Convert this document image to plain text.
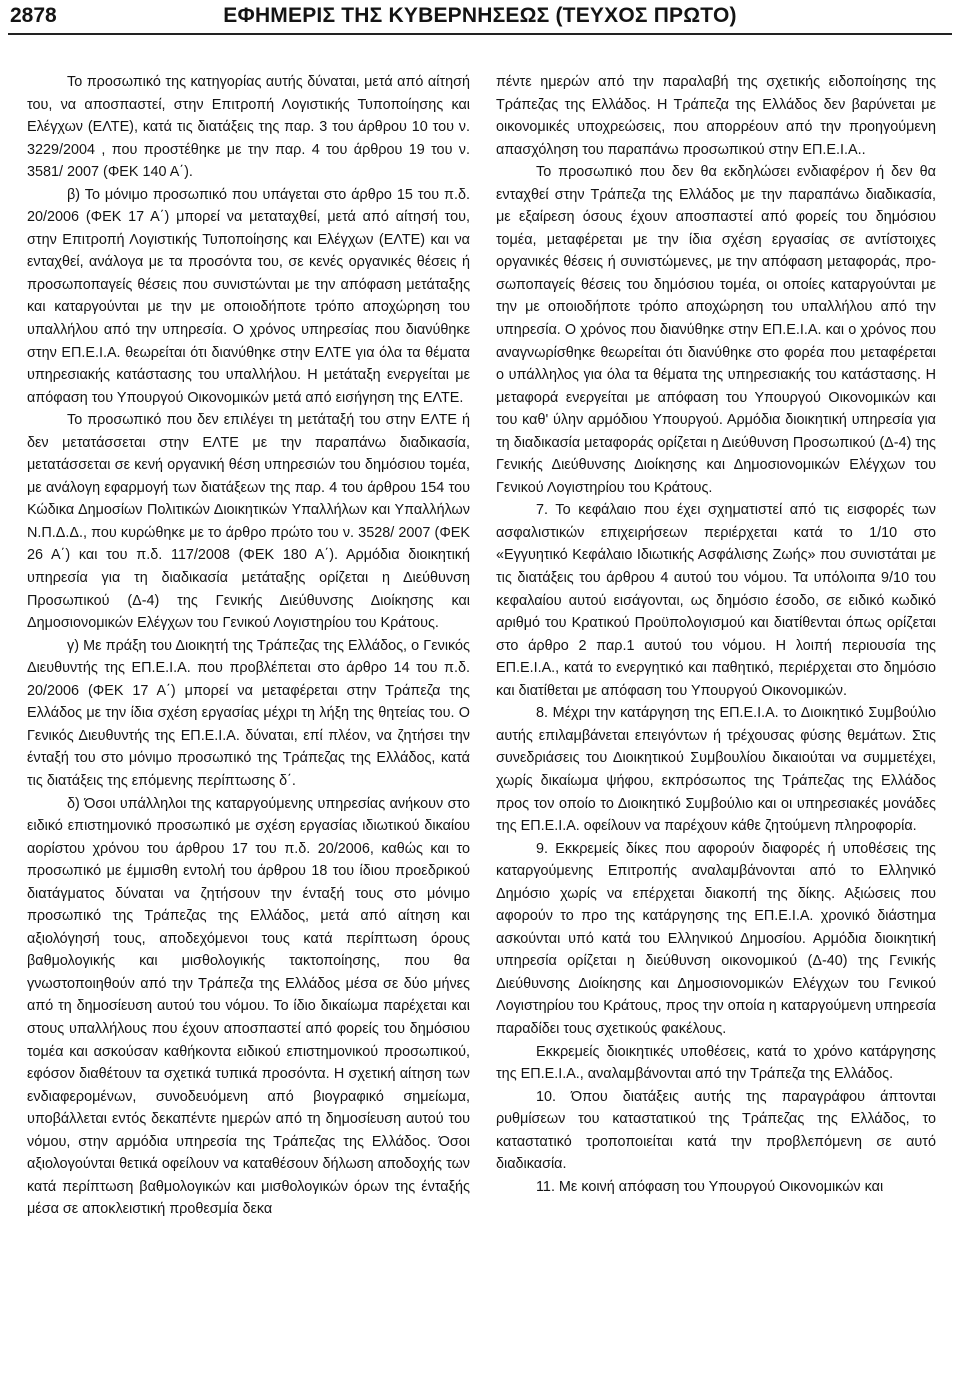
2878	ΕΦΗΜΕΡΙΣ ΤΗΣ ΚΥΒΕΡΝΗΣΕΩΣ (ΤΕΥΧΟΣ ΠΡΩΤΟ)

Το προσωπικό της κατηγορίας αυτής δύναται, μετά από αίτησή του, να αποσπαστεί, στην Επιτροπή Λογιστικής Τυποποίησης και Ελέγχων (ΕΛΤΕ), κατά τις διατάξεις της παρ. 3 του άρθρου 10 του ν. 3229/2004 , που προστέθηκε με την παρ. 4 του άρθρου 19 του ν. 3581/ 2007 (ΦΕΚ 140 Α΄).

β) Το μόνιμο προσωπικό που υπάγεται στο άρθρο 15 του π.δ. 20/2006 (ΦΕΚ 17 Α΄) μπορεί να μεταταχθεί, μετά από αίτησή του, στην Επιτροπή Λογιστικής Τυποποίησης και Ελέγχων (ΕΛΤΕ) και να ενταχθεί, ανάλογα με τα προσόντα του, σε κενές οργανικές θέσεις ή προσωποπαγείς θέσεις που συνιστώνται με την απόφαση μετάταξης και καταργούνται με την με οποιοδήποτε τρόπο αποχώρηση του υπαλλήλου από την υπηρεσία. Ο χρόνος υπηρεσίας που διανύθηκε στην ΕΠ.Ε.Ι.Α. θεωρείται ότι διανύθηκε στην ΕΛΤΕ για όλα τα θέματα υπηρεσιακής κατάστασης του υπαλλήλου. Η μετάταξη ενεργείται με απόφαση του Υπουργού Οικονομικών μετά από εισήγηση της ΕΛΤΕ.

Το προσωπικό που δεν επιλέγει τη μετάταξή του στην ΕΛΤΕ ή δεν μετατάσσεται στην ΕΛΤΕ με την παραπάνω διαδικασία, μετατάσσεται σε κενή οργανική θέση υπηρεσιών του δημόσιου τομέα, με ανάλογη εφαρμογή των διατάξεων της παρ. 4 του άρθρου 154 του Κώδικα Δημοσίων Πολιτικών Διοικητικών Υπαλλήλων και Υπαλλήλων Ν.Π.Δ.Δ., που κυρώθηκε με το άρθρο πρώτο του ν. 3528/ 2007 (ΦΕΚ 26 Α΄) και του π.δ. 117/2008 (ΦΕΚ 180 Α΄). Αρμόδια διοικητική υπηρεσία για τη διαδικασία μετάταξης ορίζεται η Διεύθυνση Προσωπικού (Δ-4) της Γενικής Διεύθυνσης Διοίκησης και Δημοσιονομικών Ελέγχων του Γενικού Λογιστηρίου του Κράτους.

γ) Με πράξη του Διοικητή της Τράπεζας της Ελλάδος, ο Γενικός Διευθυντής της ΕΠ.Ε.Ι.Α. που προβλέπεται στο άρθρο 14 του π.δ. 20/2006 (ΦΕΚ 17 Α΄) μπορεί να μεταφέρεται στην Τράπεζα της Ελλάδος με την ίδια σχέση εργασίας μέχρι τη λήξη της θητείας του. Ο Γενικός Διευθυντής της ΕΠ.Ε.Ι.Α. δύναται, επί πλέον, να ζητήσει την ένταξή του στο μόνιμο προσωπικό της Τράπεζας της Ελλάδος, κατά τις διατάξεις της επόμενης περίπτωσης δ΄.

δ) Όσοι υπάλληλοι της καταργούμενης υπηρεσίας ανήκουν στο ειδικό επιστημονικό προσωπικό με σχέση εργασίας ιδιωτικού δικαίου αορίστου χρόνου του άρθρου 17 του π.δ. 20/2006, καθώς και το προσωπικό με έμμισθη εντολή του άρθρου 18 του ίδιου προεδρικού διατάγματος δύναται να ζητήσουν την ένταξή τους στο μόνιμο προσωπικό της Τράπεζας της Ελλάδος, μετά από αίτηση και αξιολόγησή τους, αποδεχόμενοι τους κατά περίπτωση όρους βαθμολογικής και μισθολογικής τακτοποίησης, που θα γνωστοποιηθούν από την Τράπεζα της Ελλάδος μέσα σε δύο μήνες από τη δημοσίευση αυτού του νόμου. Το ίδιο δικαίωμα παρέχεται και στους υπαλλήλους που έχουν αποσπαστεί από φορείς του δημόσιου τομέα και ασκούσαν καθήκοντα ειδικού επιστημονικού προσωπικού, εφόσον διαθέτουν τα σχετικά τυπικά προσόντα. Η σχετική αίτηση των ενδιαφερομένων, συνοδευόμενη από βιογραφικό σημείωμα, υποβάλλεται εντός δεκαπέντε ημερών από τη δημοσίευση αυτού του νόμου, στην αρμόδια υπηρεσία της Τράπεζας της Ελλάδος. Όσοι αξιολογούνται θετικά οφείλουν να καταθέσουν δήλωση αποδοχής των κατά περίπτωση βαθμολογικών και μισθολογικών όρων της ένταξής μέσα σε αποκλειστική προθεσμία δεκα

πέντε ημερών από την παραλαβή της σχετικής ειδοποίησης της Τράπεζας της Ελλάδος. Η Τράπεζα της Ελλάδος δεν βαρύνεται με οικονομικές υποχρεώσεις, που απορρέουν από την προηγούμενη απασχόληση του παραπάνω προσωπικού στην ΕΠ.Ε.Ι.Α..

Το προσωπικό που δεν θα εκδηλώσει ενδιαφέρον ή δεν θα ενταχθεί στην Τράπεζα της Ελλάδος με την παραπάνω διαδικασία, με εξαίρεση όσους έχουν αποσπαστεί από φορείς του δημόσιου τομέα, μεταφέρεται με την ίδια σχέση εργασίας σε αντίστοιχες οργανικές θέσεις ή συνιστώμενες, με την απόφαση μεταφοράς, προσωποπαγείς θέσεις του δημόσιου τομέα, οι οποίες καταργούνται με την με οποιοδήποτε τρόπο αποχώρηση του υπαλλήλου από την υπηρεσία. Ο χρόνος που διανύθηκε στην ΕΠ.Ε.Ι.Α. και ο χρόνος που αναγνωρίσθηκε θεωρείται ότι διανύθηκε στο φορέα που μεταφέρεται ο υπάλληλος για όλα τα θέματα της υπηρεσιακής του κατάστασης. Η μεταφορά ενεργείται με απόφαση του Υπουργού Οικονομικών και του καθ' ύλην αρμόδιου Υπουργού. Αρμόδια διοικητική υπηρεσία για τη διαδικασία μεταφοράς ορίζεται η Διεύθυνση Προσωπικού (Δ-4) της Γενικής Διεύθυνσης Διοίκησης και Δημοσιονομικών Ελέγχων του Γενικού Λογιστηρίου του Κράτους.

7. Το κεφάλαιο που έχει σχηματιστεί από τις εισφορές των ασφαλιστικών επιχειρήσεων περιέρχεται κατά το 1/10 στο «Εγγυητικό Κεφάλαιο Ιδιωτικής Ασφάλισης Ζωής» που συνιστάται με τις διατάξεις του άρθρου 4 αυτού του νόμου. Τα υπόλοιπα 9/10 του κεφαλαίου αυτού εισάγονται, ως δημόσιο έσοδο, σε ειδικό κωδικό αριθμό του Κρατικού Προϋπολογισμού και διατίθενται όπως ορίζεται στο άρθρο 2 παρ.1 αυτού του νόμου. Η λοιπή περιουσία της ΕΠ.Ε.Ι.Α., κατά το ενεργητικό και παθητικό, περιέρχεται στο δημόσιο και διατίθεται με απόφαση του Υπουργού Οικονομικών.

8. Μέχρι την κατάργηση της ΕΠ.Ε.Ι.Α. το Διοικητικό Συμβούλιο αυτής επιλαμβάνεται επειγόντων ή τρέχουσας φύσης θεμάτων. Στις συνεδριάσεις του Διοικητικού Συμβουλίου δικαιούται να συμμετέχει, χωρίς δικαίωμα ψήφου, εκπρόσωπος της Τράπεζας της Ελλάδος προς τον οποίο το Διοικητικό Συμβούλιο και οι υπηρεσιακές μονάδες της ΕΠ.Ε.Ι.Α. οφείλουν να παρέχουν κάθε ζητούμενη πληροφορία.

9. Εκκρεμείς δίκες που αφορούν διαφορές ή υποθέσεις της καταργούμενης Επιτροπής αναλαμβάνονται από το Ελληνικό Δημόσιο χωρίς να επέρχεται διακοπή της δίκης. Αξιώσεις που αφορούν το προ της κατάργησης της ΕΠ.Ε.Ι.Α. χρονικό διάστημα ασκούνται υπό κατά του Ελληνικού Δημοσίου. Αρμόδια διοικητική υπηρεσία ορίζεται η διεύθυνση οικονομικού (Δ-40) της Γενικής Διεύθυνσης Διοίκησης και Δημοσιονομικών Ελέγχων του Γενικού Λογιστηρίου του Κράτους, προς την οποία η καταργούμενη υπηρεσία παραδίδει τους σχετικούς φακέλους.

Εκκρεμείς διοικητικές υποθέσεις, κατά το χρόνο κατάργησης της ΕΠ.Ε.Ι.Α., αναλαμβάνονται από την Τράπεζα της Ελλάδος.

10. Όπου διατάξεις αυτής της παραγράφου άπτονται ρυθμίσεων του καταστατικού της Τράπεζας της Ελλάδος, το καταστατικό τροποποιείται κατά την προβλεπόμενη σε αυτό διαδικασία.

11. Με κοινή απόφαση του Υπουργού Οικονομικών και
